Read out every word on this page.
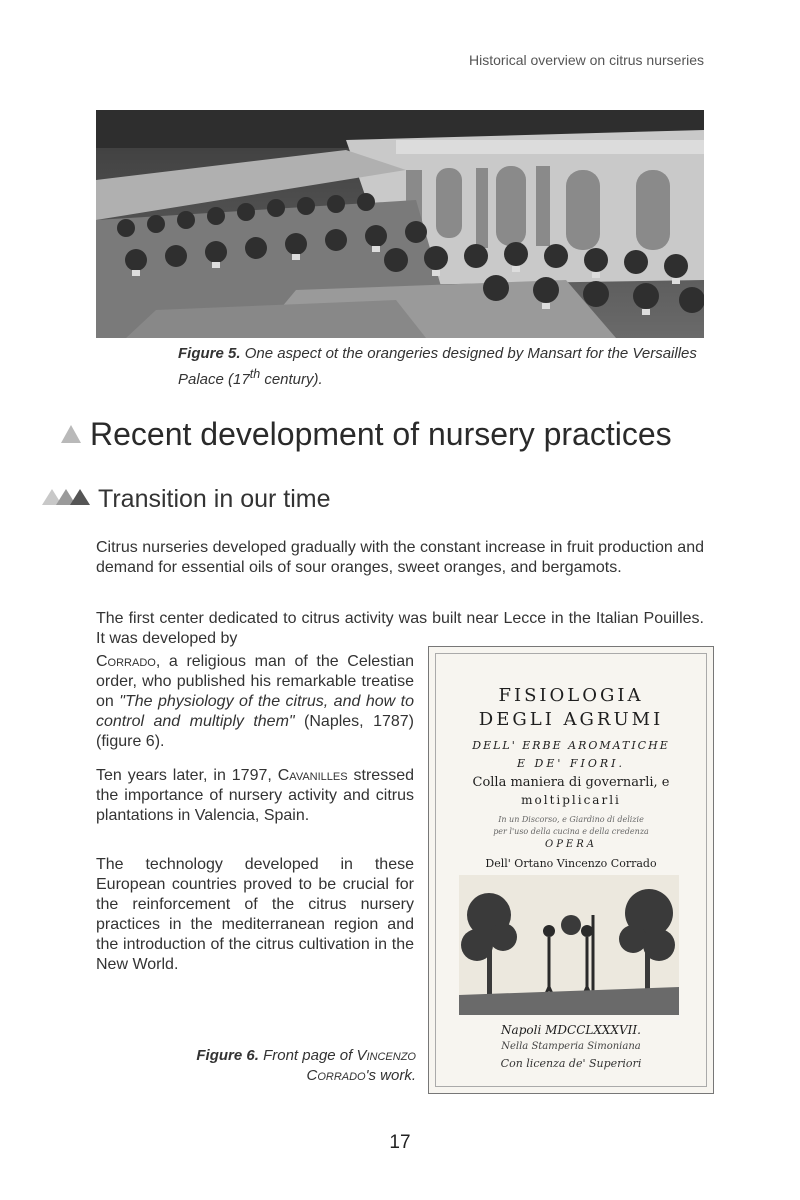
Historical overview on citrus nurseries
Figure 5. One aspect ot the orangeries designed by Mansart for the Versailles Palace (17th century).
Recent development of nursery practices
Transition in our time

Citrus nurseries developed gradually with the constant increase in fruit production and demand for essential oils of sour oranges, sweet oranges, and bergamots.

The first center dedicated to citrus activity was built near Lecce in the Italian Pouilles. It was developed by

Corrado, a religious man of the Celestian order, who published his remarkable treatise on "The physiology of the citrus, and how to control and multiply them" (Naples, 1787) (figure 6).

Ten years later, in 1797, Cavanilles stressed the importance of nursery activity and citrus plantations in Valencia, Spain.

The technology developed in these European countries proved to be crucial for the reinforcement of the citrus nursery practices in the mediterranean region and the introduction of the citrus cultivation in the New World.

FISIOLOGIA
DEGLI AGRUMI
DELL' ERBE AROMATICHE
E DE' FIORI.
Colla maniera di governarli, e
moltiplicarli
In un Discorso, e Giardino di delizie
per l'uso della cucina e della credenza
OPERA
Dell' Ortano Vincenzo Corrado
Napoli MDCCLXXXVII.
Nella Stamperia Simoniana
Con licenza de' Superiori
Figure 6. Front page of Vincenzo Corrado's work.
17
